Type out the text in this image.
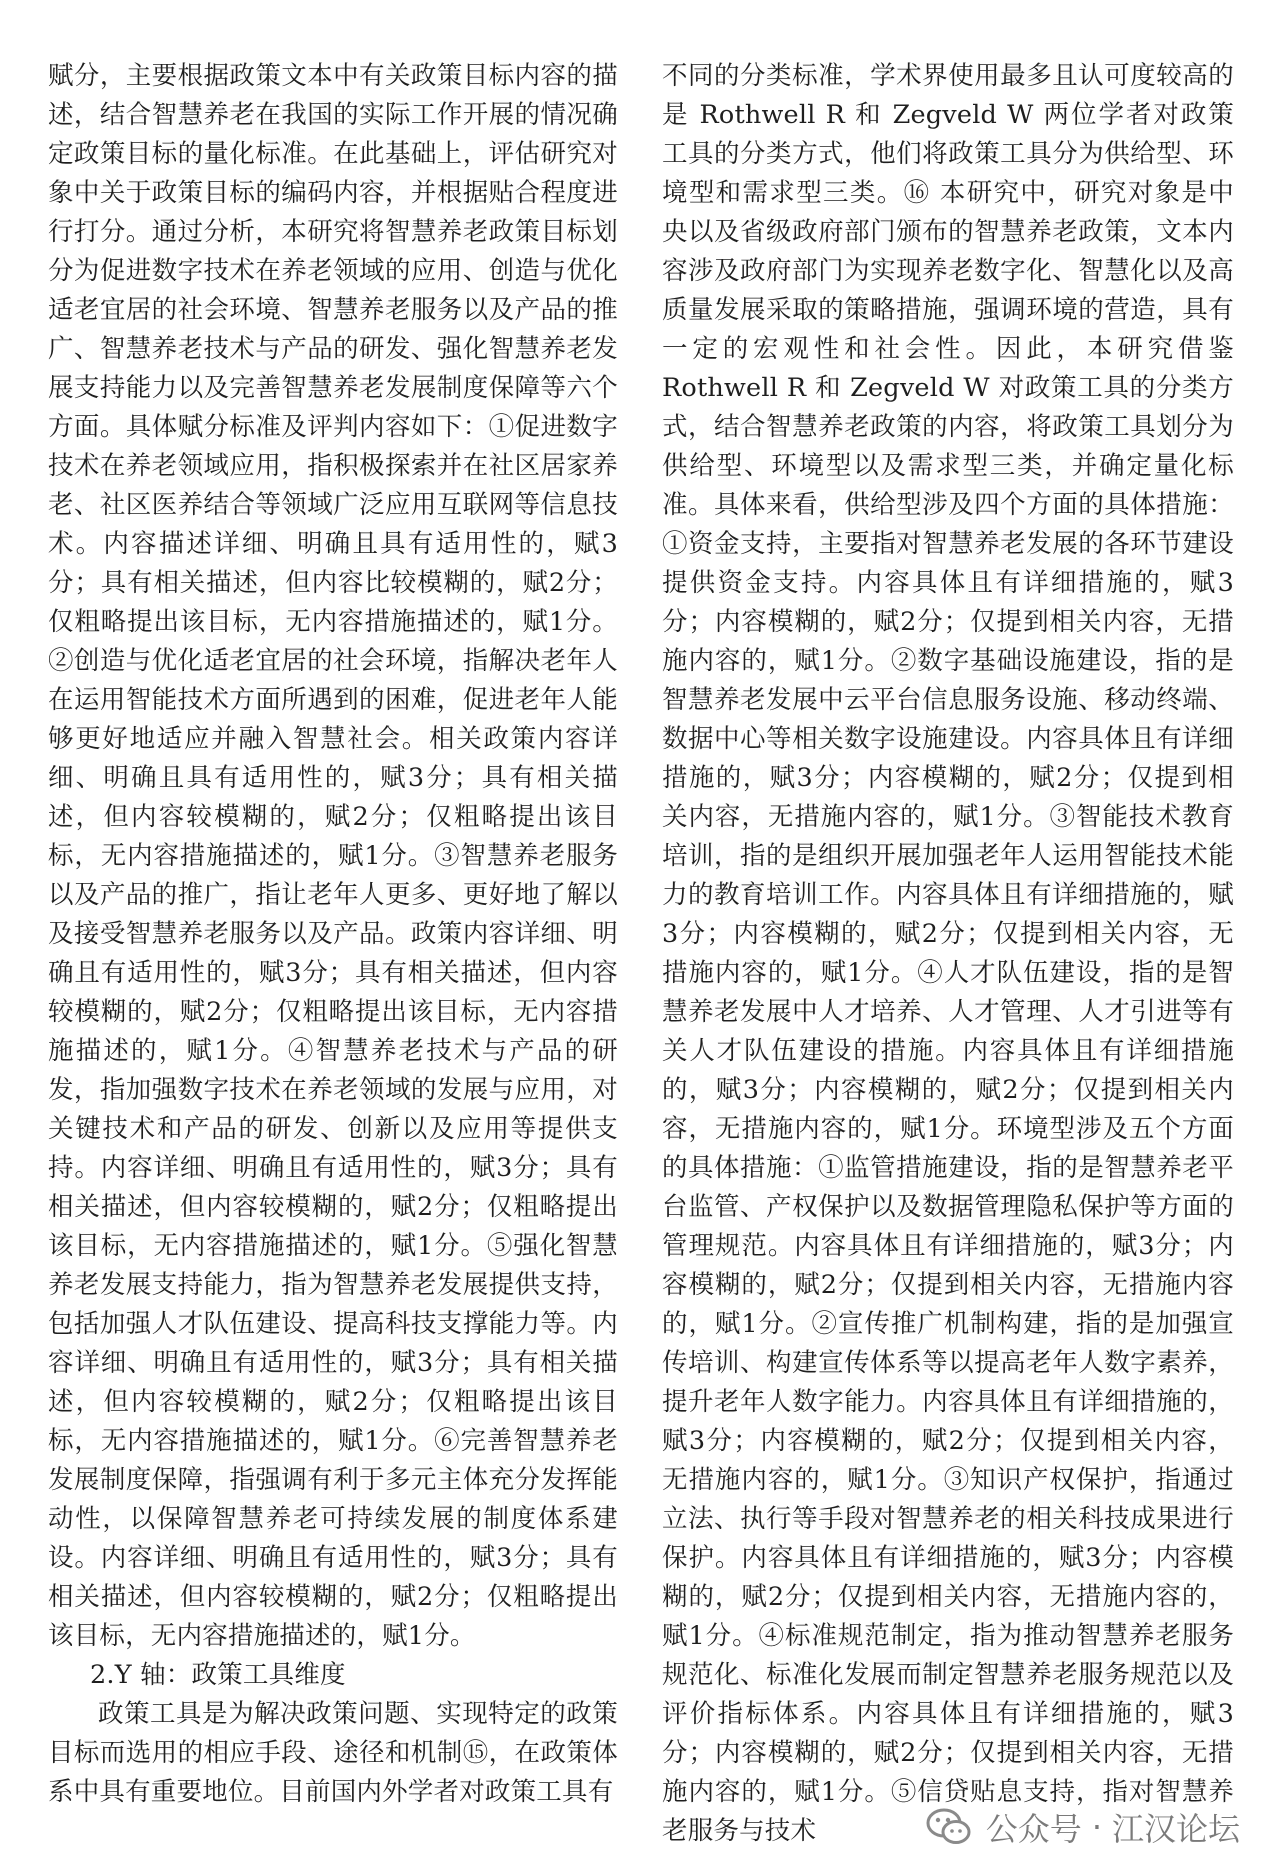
赋分，主要根据政策文本中有关政策目标内容的描述，结合智慧养老在我国的实际工作开展的情况确定政策目标的量化标准。在此基础上，评估研究对象中关于政策目标的编码内容，并根据贴合程度进行打分。通过分析，本研究将智慧养老政策目标划分为促进数字技术在养老领域的应用、创造与优化适老宜居的社会环境、智慧养老服务以及产品的推广、智慧养老技术与产品的研发、强化智慧养老发展支持能力以及完善智慧养老发展制度保障等六个方面。具体赋分标准及评判内容如下：①促进数字技术在养老领域应用，指积极探索并在社区居家养老、社区医养结合等领域广泛应用互联网等信息技术。内容描述详细、明确且具有适用性的，赋3分；具有相关描述，但内容比较模糊的，赋2分；仅粗略提出该目标，无内容措施描述的，赋1分。②创造与优化适老宜居的社会环境，指解决老年人在运用智能技术方面所遇到的困难，促进老年人能够更好地适应并融入智慧社会。相关政策内容详细、明确且具有适用性的，赋3分；具有相关描述，但内容较模糊的，赋2分；仅粗略提出该目标，无内容措施描述的，赋1分。③智慧养老服务以及产品的推广，指让老年人更多、更好地了解以及接受智慧养老服务以及产品。政策内容详细、明确且有适用性的，赋3分；具有相关描述，但内容较模糊的，赋2分；仅粗略提出该目标，无内容措施描述的，赋1分。④智慧养老技术与产品的研发，指加强数字技术在养老领域的发展与应用，对关键技术和产品的研发、创新以及应用等提供支持。内容详细、明确且有适用性的，赋3分；具有相关描述，但内容较模糊的，赋2分；仅粗略提出该目标，无内容措施描述的，赋1分。⑤强化智慧养老发展支持能力，指为智慧养老发展提供支持，包括加强人才队伍建设、提高科技支撑能力等。内容详细、明确且有适用性的，赋3分；具有相关描述，但内容较模糊的，赋2分；仅粗略提出该目标，无内容措施描述的，赋1分。⑥完善智慧养老发展制度保障，指强调有利于多元主体充分发挥能动性，以保障智慧养老可持续发展的制度体系建设。内容详细、明确且有适用性的，赋3分；具有相关描述，但内容较模糊的，赋2分；仅粗略提出该目标，无内容措施描述的，赋1分。

2.Y 轴：政策工具维度

政策工具是为解决政策问题、实现特定的政策目标而选用的相应手段、途径和机制⑮，在政策体系中具有重要地位。目前国内外学者对政策工具有

不同的分类标准，学术界使用最多且认可度较高的是 Rothwell R 和 Zegveld W 两位学者对政策工具的分类方式，他们将政策工具分为供给型、环境型和需求型三类。⑯ 本研究中，研究对象是中央以及省级政府部门颁布的智慧养老政策，文本内容涉及政府部门为实现养老数字化、智慧化以及高质量发展采取的策略措施，强调环境的营造，具有一定的宏观性和社会性。因此，本研究借鉴 Rothwell R 和 Zegveld W 对政策工具的分类方式，结合智慧养老政策的内容，将政策工具划分为供给型、环境型以及需求型三类，并确定量化标准。具体来看，供给型涉及四个方面的具体措施：①资金支持，主要指对智慧养老发展的各环节建设提供资金支持。内容具体且有详细措施的，赋3分；内容模糊的，赋2分；仅提到相关内容，无措施内容的，赋1分。②数字基础设施建设，指的是智慧养老发展中云平台信息服务设施、移动终端、数据中心等相关数字设施建设。内容具体且有详细措施的，赋3分；内容模糊的，赋2分；仅提到相关内容，无措施内容的，赋1分。③智能技术教育培训，指的是组织开展加强老年人运用智能技术能力的教育培训工作。内容具体且有详细措施的，赋3分；内容模糊的，赋2分；仅提到相关内容，无措施内容的，赋1分。④人才队伍建设，指的是智慧养老发展中人才培养、人才管理、人才引进等有关人才队伍建设的措施。内容具体且有详细措施的，赋3分；内容模糊的，赋2分；仅提到相关内容，无措施内容的，赋1分。环境型涉及五个方面的具体措施：①监管措施建设，指的是智慧养老平台监管、产权保护以及数据管理隐私保护等方面的管理规范。内容具体且有详细措施的，赋3分；内容模糊的，赋2分；仅提到相关内容，无措施内容的，赋1分。②宣传推广机制构建，指的是加强宣传培训、构建宣传体系等以提高老年人数字素养，提升老年人数字能力。内容具体且有详细措施的，赋3分；内容模糊的，赋2分；仅提到相关内容，无措施内容的，赋1分。③知识产权保护，指通过立法、执行等手段对智慧养老的相关科技成果进行保护。内容具体且有详细措施的，赋3分；内容模糊的，赋2分；仅提到相关内容，无措施内容的，赋1分。④标准规范制定，指为推动智慧养老服务规范化、标准化发展而制定智慧养老服务规范以及评价指标体系。内容具体且有详细措施的，赋3分；内容模糊的，赋2分；仅提到相关内容，无措施内容的，赋1分。⑤信贷贴息支持，指对智慧养老服务与技术	公众号 · 江汉论坛
